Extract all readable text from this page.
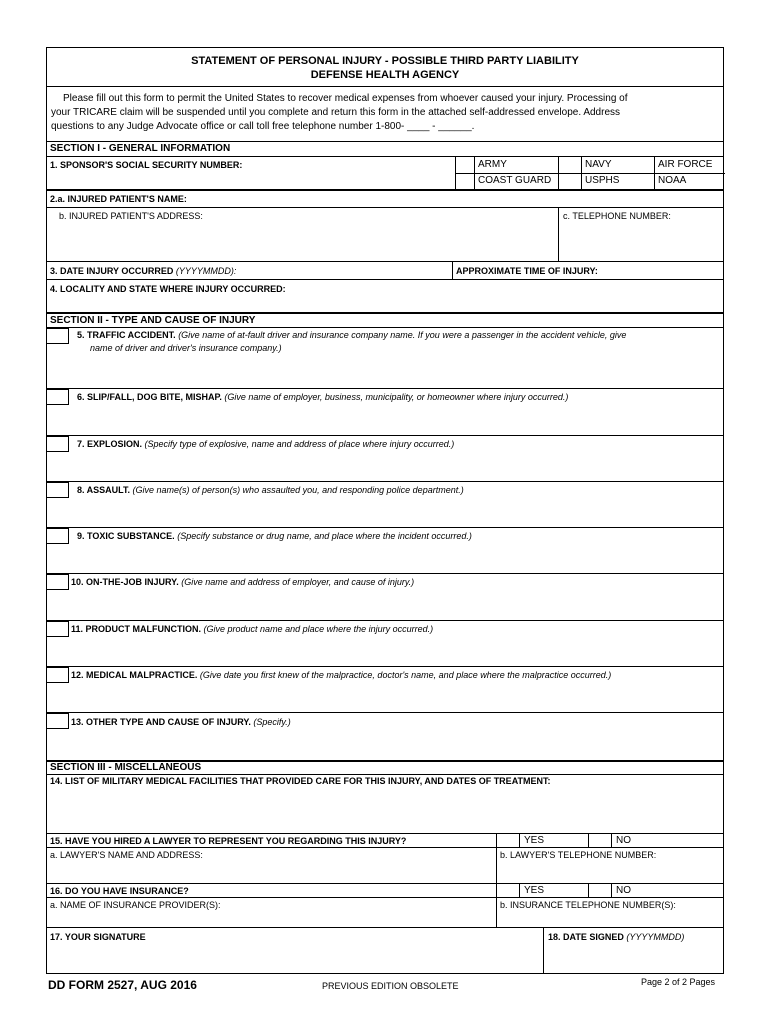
STATEMENT OF PERSONAL INJURY - POSSIBLE THIRD PARTY LIABILITY
DEFENSE HEALTH AGENCY
Please fill out this form to permit the United States to recover medical expenses from whoever caused your injury. Processing of
your TRICARE claim will be suspended until you complete and return this form in the attached self-addressed envelope. Address
questions to any Judge Advocate office or call toll free telephone number 1-800- ____ - ______.
SECTION I - GENERAL INFORMATION
1. SPONSOR'S SOCIAL SECURITY NUMBER:	ARMY	NAVY	AIR FORCE
COAST GUARD	USPHS	NOAA
2.a. INJURED PATIENT'S NAME:
b. INJURED PATIENT'S ADDRESS:	c. TELEPHONE NUMBER:
3. DATE INJURY OCCURRED (YYYYMMDD):	APPROXIMATE TIME OF INJURY:
4. LOCALITY AND STATE WHERE INJURY OCCURRED:
SECTION II - TYPE AND CAUSE OF INJURY
5. TRAFFIC ACCIDENT. (Give name of at-fault driver and insurance company name. If you were a passenger in the accident vehicle, give
name of driver and driver's insurance company.)
6. SLIP/FALL, DOG BITE, MISHAP. (Give name of employer, business, municipality, or homeowner where injury occurred.)
7. EXPLOSION. (Specify type of explosive, name and address of place where injury occurred.)
8. ASSAULT. (Give name(s) of person(s) who assaulted you, and responding police department.)
9. TOXIC SUBSTANCE. (Specify substance or drug name, and place where the incident occurred.)
10. ON-THE-JOB INJURY. (Give name and address of employer, and cause of injury.)
11. PRODUCT MALFUNCTION. (Give product name and place where the injury occurred.)
12. MEDICAL MALPRACTICE. (Give date you first knew of the malpractice, doctor's name, and place where the malpractice occurred.)
13. OTHER TYPE AND CAUSE OF INJURY. (Specify.)
SECTION III - MISCELLANEOUS
14. LIST OF MILITARY MEDICAL FACILITIES THAT PROVIDED CARE FOR THIS INJURY, AND DATES OF TREATMENT:
15. HAVE YOU HIRED A LAWYER TO REPRESENT YOU REGARDING THIS INJURY?	YES	NO
a. LAWYER'S NAME AND ADDRESS:	b. LAWYER'S TELEPHONE NUMBER:
16. DO YOU HAVE INSURANCE?	YES	NO
a. NAME OF INSURANCE PROVIDER(S):	b. INSURANCE TELEPHONE NUMBER(S):
17. YOUR SIGNATURE	18. DATE SIGNED (YYYYMMDD)
DD FORM 2527, AUG 2016	PREVIOUS EDITION OBSOLETE	Page 2 of 2 Pages
